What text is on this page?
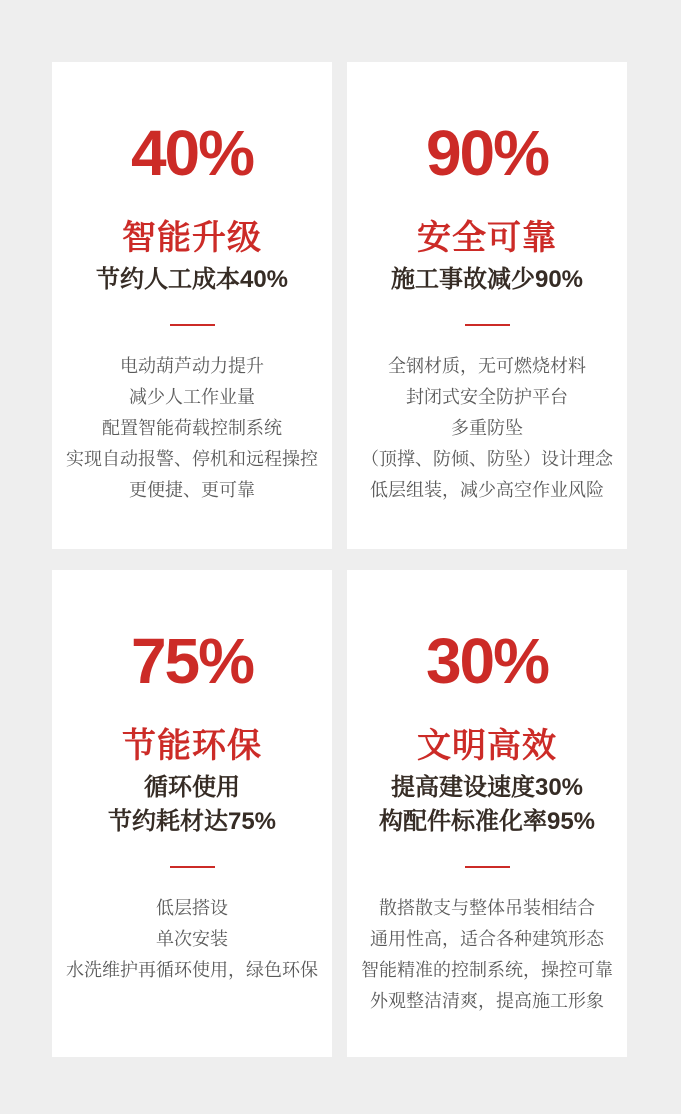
40%
智能升级
节约人工成本40%
电动葫芦动力提升
减少人工作业量
配置智能荷载控制系统
实现自动报警、停机和远程操控
更便捷、更可靠
90%
安全可靠
施工事故减少90%
全钢材质，无可燃烧材料
封闭式安全防护平台
多重防坠
（顶撑、防倾、防坠）设计理念
低层组装，减少高空作业风险
75%
节能环保
循环使用
节约耗材达75%
低层搭设
单次安装
水洗维护再循环使用，绿色环保
30%
文明高效
提高建设速度30%
构配件标准化率95%
散搭散支与整体吊装相结合
通用性高，适合各种建筑形态
智能精准的控制系统，操控可靠
外观整洁清爽，提高施工形象
